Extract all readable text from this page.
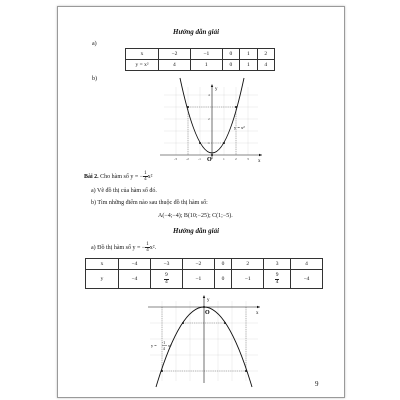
Hướng dẫn giải
a)
x	−2	−1	0	1	2
y = x²	4	1	0	1	4
b)
y
x
O
y = x²
4
2
1
-1
-2
-3	1	2	3
Bài 2. Cho hàm số y = − $\frac{1}{4} x^2$
a) Vẽ đồ thị của hàm số đó.
b) Tìm những điểm nào sau thuộc đồ thị hàm số:
A(−4;−4); B(10;−25); C(1;−5).
Hướng dẫn giải
a) Đồ thị hàm số y = − $\frac{1}{4} x^2$.
x	−4	−3	−2	0	2	3	4
y	−4	$\frac{9}{4}$	−1	0	−1	$\frac{9}{4}$	−4
y
x
O
y = -1
4
x²
9
